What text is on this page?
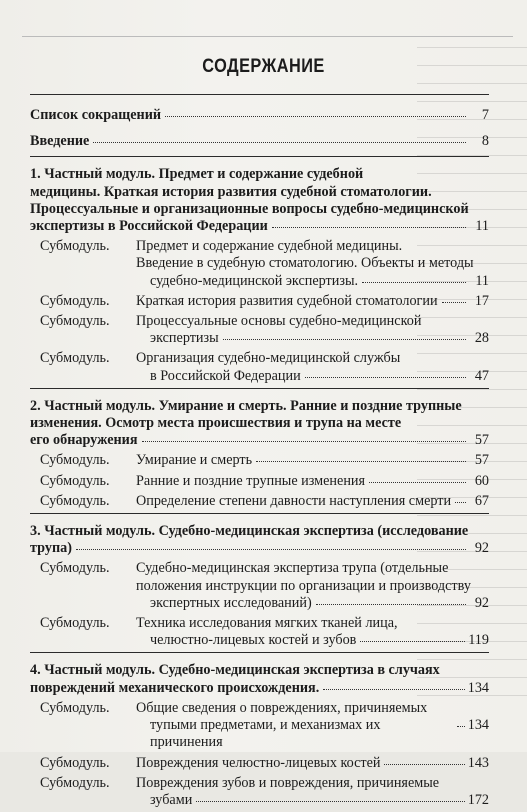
СОДЕРЖАНИЕ
Список сокращений	7
Введение	8
1. Частный модуль. Предмет и содержание судебной
медицины. Краткая история развития судебной стоматологии.
Процессуальные и организационные вопросы судебно-медицинской
экспертизы в Российской Федерации	11
Субмодуль.	Предмет и содержание судебной медицины.
Введение в судебную стоматологию. Объекты и методы
судебно-медицинской экспертизы.	11
Субмодуль.	Краткая история развития судебной стоматологии	17
Субмодуль.	Процессуальные основы судебно-медицинской
экспертизы	28
Субмодуль.	Организация судебно-медицинской службы
в Российской Федерации	47
2. Частный модуль. Умирание и смерть. Ранние и поздние трупные
изменения. Осмотр места происшествия и трупа на месте
его обнаружения	57
Субмодуль.	Умирание и смерть	57
Субмодуль.	Ранние и поздние трупные изменения	60
Субмодуль.	Определение степени давности наступления смерти	67
3. Частный модуль. Судебно-медицинская экспертиза (исследование
трупа)	92
Субмодуль.	Судебно-медицинская экспертиза трупа (отдельные
положения инструкции по организации и производству
экспертных исследований)	92
Субмодуль.	Техника исследования мягких тканей лица,
челюстно-лицевых костей и зубов	119
4. Частный модуль. Судебно-медицинская экспертиза в случаях
повреждений механического происхождения.	134
Субмодуль.	Общие сведения о повреждениях, причиняемых
тупыми предметами, и механизмах их причинения
134
Субмодуль.	Повреждения челюстно-лицевых костей	143
Субмодуль.	Повреждения зубов и повреждения, причиняемые
зубами	172
